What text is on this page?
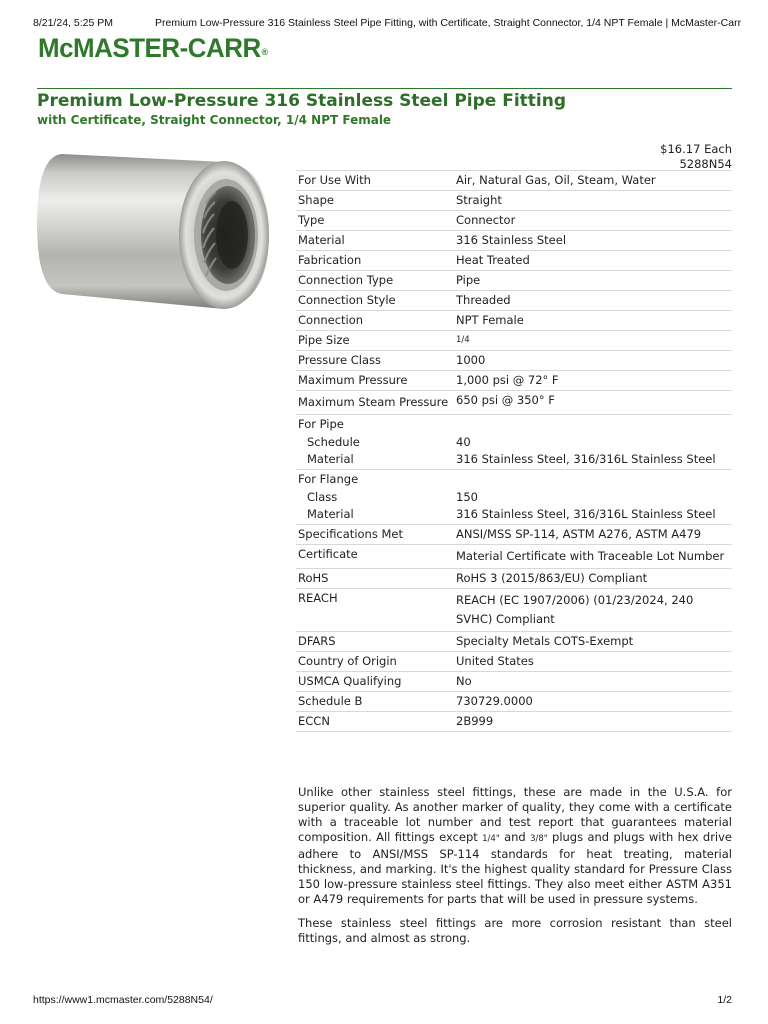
8/21/24, 5:25 PM	Premium Low-Pressure 316 Stainless Steel Pipe Fitting, with Certificate, Straight Connector, 1/4 NPT Female | McMaster-Carr
McMASTER-CARR®
Premium Low-Pressure 316 Stainless Steel Pipe Fitting
with Certificate, Straight Connector, 1/4 NPT Female
$16.17 Each
5288N54
For Use With	Air, Natural Gas, Oil, Steam, Water
Shape	Straight
Type	Connector
Material	316 Stainless Steel
Fabrication	Heat Treated
Connection Type	Pipe
Connection Style	Threaded
Connection	NPT Female
Pipe Size	1/4
Pressure Class	1000
Maximum Pressure	1,000 psi @ 72° F
Maximum Steam Pressure	650 psi @ 350° F
For Pipe	
Schedule	40
Material	316 Stainless Steel, 316/316L Stainless Steel
For Flange	
Class	150
Material	316 Stainless Steel, 316/316L Stainless Steel
Specifications Met	ANSI/MSS SP-114, ASTM A276, ASTM A479
Certificate	Material Certificate with Traceable Lot Number
RoHS	RoHS 3 (2015/863/EU) Compliant
REACH	REACH (EC 1907/2006) (01/23/2024, 240 SVHC) Compliant
DFARS	Specialty Metals COTS-Exempt
Country of Origin	United States
USMCA Qualifying	No
Schedule B	730729.0000
ECCN	2B999

Unlike other stainless steel fittings, these are made in the U.S.A. for superior quality. As another marker of quality, they come with a certificate with a traceable lot number and test report that guarantees material composition. All fittings except 1/4" and 3/8" plugs and plugs with hex drive adhere to ANSI/MSS SP-114 standards for heat treating, material thickness, and marking. It's the highest quality standard for Pressure Class 150 low-pressure stainless steel fittings. They also meet either ASTM A351 or A479 requirements for parts that will be used in pressure systems.

These stainless steel fittings are more corrosion resistant than steel fittings, and almost as strong.

https://www1.mcmaster.com/5288N54/	1/2
